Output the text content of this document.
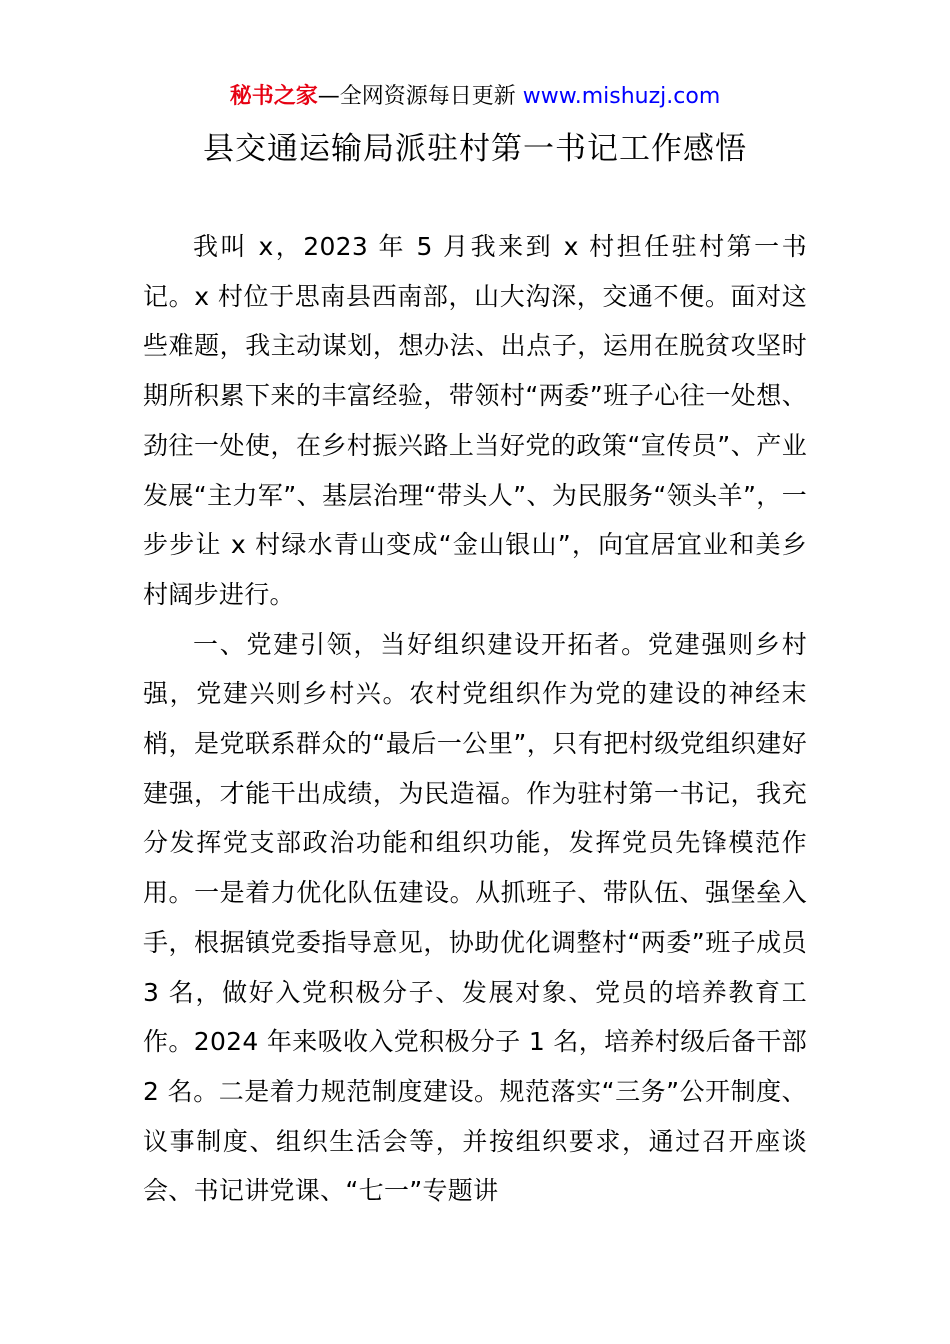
秘书之家—全网资源每日更新 www.mishuzj.com
县交通运输局派驻村第一书记工作感悟

我叫 x，2023 年 5 月我来到 x 村担任驻村第一书记。x 村位于思南县西南部，山大沟深，交通不便。面对这些难题，我主动谋划，想办法、出点子，运用在脱贫攻坚时期所积累下来的丰富经验，带领村“两委”班子心往一处想、劲往一处使，在乡村振兴路上当好党的政策“宣传员”、产业发展“主力军”、基层治理“带头人”、为民服务“领头羊”，一步步让 x 村绿水青山变成“金山银山”，向宜居宜业和美乡村阔步进行。

一、党建引领，当好组织建设开拓者。党建强则乡村强，党建兴则乡村兴。农村党组织作为党的建设的神经末梢，是党联系群众的“最后一公里”，只有把村级党组织建好建强，才能干出成绩，为民造福。作为驻村第一书记，我充分发挥党支部政治功能和组织功能，发挥党员先锋模范作用。一是着力优化队伍建设。从抓班子、带队伍、强堡垒入手，根据镇党委指导意见，协助优化调整村“两委”班子成员 3 名，做好入党积极分子、发展对象、党员的培养教育工作。2024 年来吸收入党积极分子 1 名，培养村级后备干部 2 名。二是着力规范制度建设。规范落实“三务”公开制度、议事制度、组织生活会等，并按组织要求，通过召开座谈会、书记讲党课、“七一”专题讲
